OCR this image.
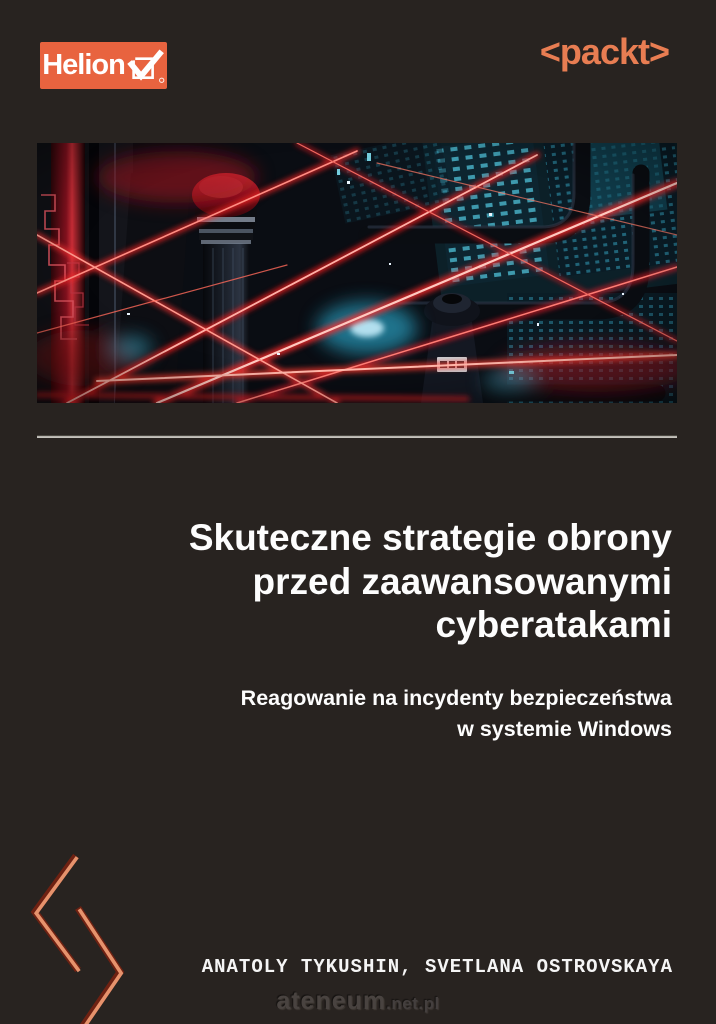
Helion	<packt>
Skuteczne strategie obrony
przed zaawansowanymi
cyberatakami
Reagowanie na incydenty bezpieczeństwa
w systemie Windows
ANATOLY TYKUSHIN, SVETLANA OSTROVSKAYA
ateneum .net.pl
